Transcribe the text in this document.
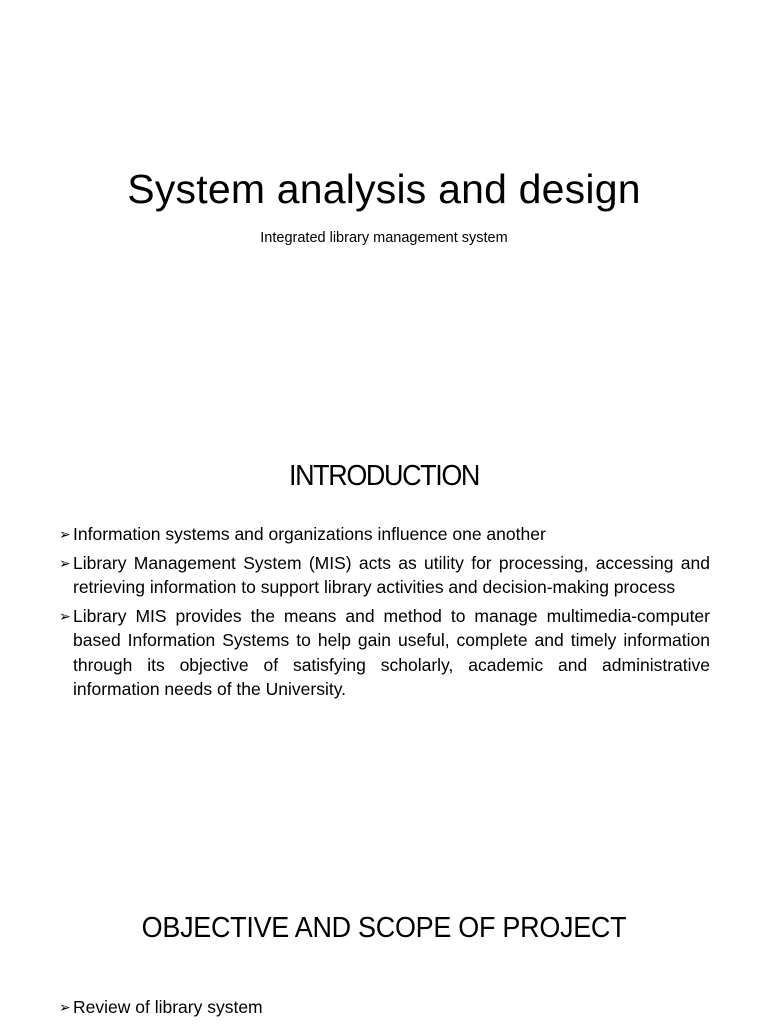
System analysis and design

Integrated library management system

INTRODUCTION
➢ Information systems and organizations influence one another
➢ Library Management System (MIS) acts as utility for processing, accessing and retrieving information to support library activities and decision-making process
➢ Library MIS provides the means and method to manage multimedia-computer based Information Systems to help gain useful, complete and timely information through its objective of satisfying scholarly, academic and administrative information needs of the University.
OBJECTIVE AND SCOPE OF PROJECT
➢ Review of library system
